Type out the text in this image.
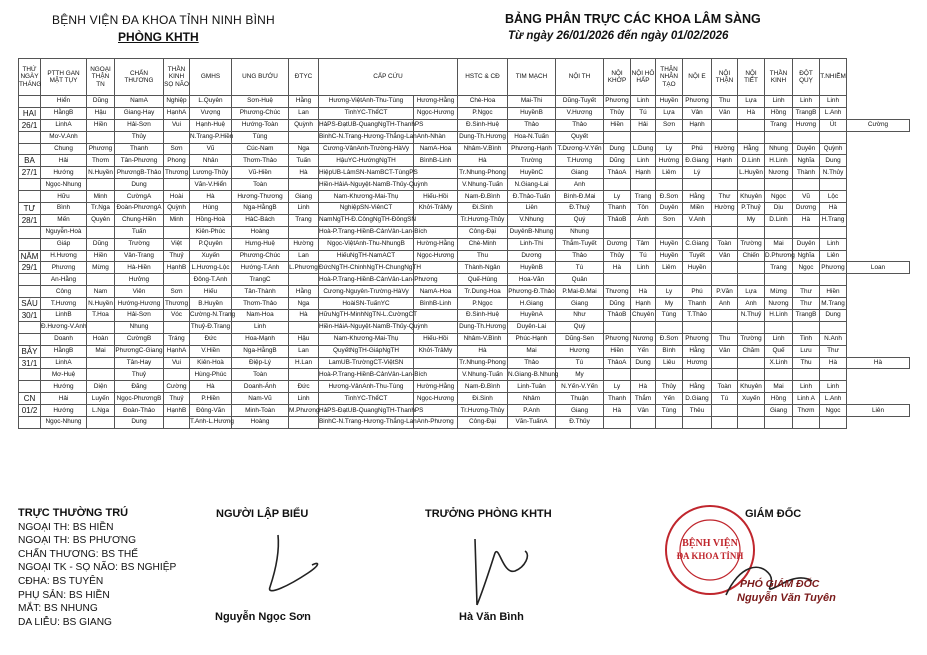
BỆNH VIỆN ĐA KHOA TỈNH NINH BÌNH
PHÒNG KHTH
BẢNG PHÂN TRỰC CÁC KHOA LÂM SÀNG
Từ ngày 26/01/2026 đến ngày 01/02/2026
THỨ NGÀY THÁNG	PTTH GAN MẬT TỤY	NGOẠI THẬN TN	CHẤN THƯƠNG	THẦN KINH SỌ NÃO	GMHS	UNG BƯỚU	ĐTYC	CẤP CỨU		HSTC & CĐ	TIM MẠCH	NỘI TH	NỘI KHỚP	NỘI HÔ HẤP	THẬN NHÂN TẠO	NỘI E	NỘI THẬN	NỘI TIẾT	THẦN KINH	ĐỘT QUỴ	T.NHIỄM	
	Hiển	Dũng	NamA	Nghiệp	L.Quyên	Sơn-Huệ	Hằng	Hương-ViệtAnh-Thu-Tùng	Hương-Hằng	Chè-Hoa	Mai-Thi	Dũng-Tuyết	Phương	Linh	Huyền	Phương	Thu	Lựa	Linh	Linh	Linh	
HAI	HằngB	Hậu	Giang-Hay	HạnhA	Vượng	Phương-Chúc	Lan	TinhYC-ThểCT	Ngọc-Hương	P.Ngọc	HuyềnB	V.Hương	Thủy	Tú	Lựa	Vân	Vân	Hà	Hồng	TrangB	L.Anh	
26/1	LinhA	Hiền	Hải-Sơn	Vui	Hạnh-Huệ	Hướng-Toàn	Quỳnh	HảPS-ĐạtUB-QuangNgTH-ThanhPS		Đ.Sinh-Huệ	Thảo	Thảo	Hiền	Hải	Sơn	Hạnh			Trang	Hương	Út	Cường
	Mơ-V.Anh		Thủy		N.Trang-P.Hiền	Tùng		BinhC-N.Trang-Hương-Thắng-LanAnh-Nhàn		Dung-Th.Hương	Hoa-N.Tuấn	Quyết										
	Chung	Phương	Thanh	Sơn	Vũ	Cúc-Nam	Nga	Cương-VânAnh-Trường-HàVy	NamA-Hoa	Nhâm-V.Bình	Phương-Hạnh	T.Dương-V.Yến	Dung	L.Dung	Ly	Phú	Hường	Hằng	Nhung	Duyên	Quỳnh	
BA	Hải	Thơm	Tân-Phương	Phong	Nhân	Thơm-Thảo	Tuấn	HậuYC-HướngNgTH	BìnhB-Linh	Hà	Trường	T.Hương	Dũng	Linh	Hường	Đ.Giang	Hạnh	D.Linh	H.Linh	Nghĩa	Dung	
27/1	Hướng	N.Huyền	PhươngB-Thảo	Thương	Lương-Thủy	Vũ-Hiền	Hà	HiệpUB-LâmSN-NamBCT-TùngPS		Tr.Nhung-Phong	HuyềnC	Giang	ThảoA	Hạnh	Liêm	Lý		L.Huyền	Nương	Thành	N.Thủy	
	Ngọc-Nhung		Dung		Văn-V.Hiển	Toàn		Hiền-HảiA-Nguyệt-NamB-Thủy-Quỳnh		V.Nhung-Tuấn	N.Giang-Lai	Anh										
	Hữu	Minh	CườngA	Hoài	Hà	Hương-Thương	Giang	Nam-Khương-Mai-Thụ	Hiếu-Hồi	Nam-Đ.Bình	Đ.Thảo-Tuấn	Bình-Đ.Mai	Ly	Trang	Đ.Sơn	Hằng	Thư	Khuyên	Ngọc	Vũ	Lộc	
TƯ	Bình	Tr.Nga	Đoàn-PhươngA	Quỳnh	Hùng	Nga-HằngB	Linh	NghiệpSN-ViênCT	Khởi-TrâMy	Đi.Sinh	Liên	Đ.Thuỷ	Thanh	Tôn	Duyên	Miền	Hường	P.Thuỷ	Dịu	Dương	Hà	
28/1	Mến	Quyên	Chung-Hiền	Minh	Hồng-Hoà	HàC-Bách	Trang	NamNgTH-Đ.CôngNgTH-ĐôngSN		Tr.Hương-Thủy	V.Nhung	Quý	ThảoB	Ánh	Sơn	V.Anh		My	D.Linh	Hà	H.Trang	
	Nguyễn-Hoà		Tuấn		Kiên-Phúc	Hoàng		Hoà-P.Trang-HiềnB-CảnVân-Lan-Bích		Công-Đại	DuyênB-Nhung	Nhung										
	Giáp	Dũng	Trường	Việt	P.Quyên	Hưng-Huệ	Hường	Ngọc-ViệtAnh-Thu-NhungB	Hường-Hằng	Chè-Minh	Linh-Thi	Thắm-Tuyết	Dương	Tâm	Huyền	C.Giang	Toàn	Trường	Mai	Duyên	Linh	
NĂM	H.Hương	Hiền	Vân-Trang	Thuỷ	Xuyến	Phương-Chúc	Lan	HiếuNgTH-NamACT	Ngọc-Hương	Thu	Dương	Thảo	Thủy	Tú	Huyền	Tuyết	Vân	Chiến	D.Phương	Nghĩa	Liên	
29/1	Phương	Mừng	Hà-Hiền	HạnhB	L.Hương-Lộc	Hướng-T.Anh	L.Phương	ĐứcNgTH-ChinhNgTH-ChungNgTH		Thành-Ngân	HuyềnB	Tú	Hà	Linh	Liêm	Huyền			Trang	Ngọc	Phương	Loan
	An-Hằng		Hưởng		Đông-T.Anh	TrangC		Hoà-P.Trang-HiềnB-CảnVân-Lan-Phương		Quế-Hùng	Hoa-Văn	Quân										
	Công	Nam	Viên	Sơn	Hiếu	Tân-Thành	Hằng	Cương-Nguyên-Trường-HàVy	NamA-Hoa	Tr.Dung-Hoa	Phương-Đ.Thảo	P.Mai-Đ.Mai	Thương	Hà	Ly	Phú	P.Văn	Lựa	Mừng	Thư	Hiền	
SÁU	T.Hương	N.Huyền	Hướng-Hương	Thương	B.Huyền	Thơm-Thảo	Nga	HoàiSN-TuấnYC	BìnhB-Linh	P.Ngọc	H.Giang	Giang	Dũng	Hạnh	My	Thanh	Anh	Anh	Nương	Thư	M.Trang	
30/1	LinhB	T.Hoa	Hải-Sơn	Vóc	Cường-N.Trang	Nam-Hoa	Hà	HữuNgTH-MinhNgTN-L.CườngCT		Đ.Sinh-Huệ	HuyềnA	Như	ThảoB	Chuyên	Tùng	T.Thảo		N.Thuỷ	H.Linh	TrangB	Dung	
	Đ.Hương-V.Anh		Nhung		Thuỷ-Đ.Trang	Linh		Hiền-HảiA-Nguyệt-NamB-Thủy-Quỳnh		Dung-Th.Hương	Duyên-Lai	Quý										
	Doanh	Hoàn	CườngB	Tráng	Đức	Hoa-Mạnh	Hậu	Nam-Khương-Mai-Thụ	Hiếu-Hồi	Nhâm-V.Bình	Phúc-Hạnh	Dũng-Sen	Phương	Nương	Đ.Sơn	Phương	Thu	Trường	Linh	Tinh	N.Anh	
BẢY	HằngB	Mai	PhươngC-Giang	HạnhA	V.Hiền	Nga-HằngB	Lan	QuyếtNgTH-GiápNgTH	Khởi-TrâMy	Hà	Mai	Hương	Hiền	Yến	Bình	Hằng	Vân	Chăm	Quế	Lưu	Thư	
31/1	LinhA		Tân-Hay	Vui	Kiên-Hoà	Điệp-Lý	H.Lan	LamUB-TrườngCT-ViệtSN		Tr.Nhung-Phong	Thảo	Tú	ThảoA	Dung	Liêu	Hương			X.Linh	Thu	Hà	Hà
	Mơ-Huệ		Thuỷ		Hùng-Phúc	Toàn		Hoà-P.Trang-HiềnB-CảnVân-Lan-Bích		V.Nhung-Tuấn	N.Giang-B.Nhung	My										
	Hướng	Diện	Đăng	Cường	Hà	Doanh-Ánh	Đức	Hương-VânAnh-Thu-Tùng	Hường-Hằng	Nam-Đ.Bình	Linh-Tuân	N.Yến-V.Yến	Ly	Hà	Thủy	Hằng	Toàn	Khuyên	Mai	Linh	Linh	
CN	Hải	Luyến	Ngọc-PhươngB	Thuỷ	P.Hiền	Nam-Vũ	Linh	TinhYC-ThểCT	Ngọc-Hương	Đi.Sinh	Nhâm	Thuận	Thanh	Thắm	Yến	D.Giang	Tú	Xuyến	Hồng	Linh A	L.Anh	
01/2	Hướng	L.Nga	Đoàn-Thảo	HạnhB	Đông-Văn	Minh-Toàn	M.Phương	HảPS-ĐạtUB-QuangNgTH-ThanhPS		Tr.Hương-Thủy	P.Anh	Giang	Hà	Vân	Tùng	Thêu			Giang	Thơm	Ngọc	Liên
	Ngọc-Nhung		Dung		T.Anh-L.Hương	Hoàng		BinhC-N.Trang-Hương-Thắng-LanAnh-Phương		Công-Đại	Văn-TuấnA	Đ.Thủy										
TRỰC THƯỜNG TRÚ
NGOẠI TH: BS HIỀN
NGOẠI TH: BS PHƯƠNG
CHẤN THƯƠNG: BS THẾ
NGOẠI TK - SỌ NÃO: BS NGHIỆP
CĐHA: BS TUYÊN
PHỤ SẢN: BS HIỀN
MẮT: BS NHUNG
DA LIỄU: BS GIANG
NGƯỜI LẬP BIỂU
Nguyễn Ngọc Sơn
TRƯỞNG PHÒNG KHTH
Hà Văn Bình
GIÁM ĐỐC
BỆNH VIỆN
ĐA KHOA TỈNH
PHÓ GIÁM ĐỐC
Nguyễn Văn Tuyên
